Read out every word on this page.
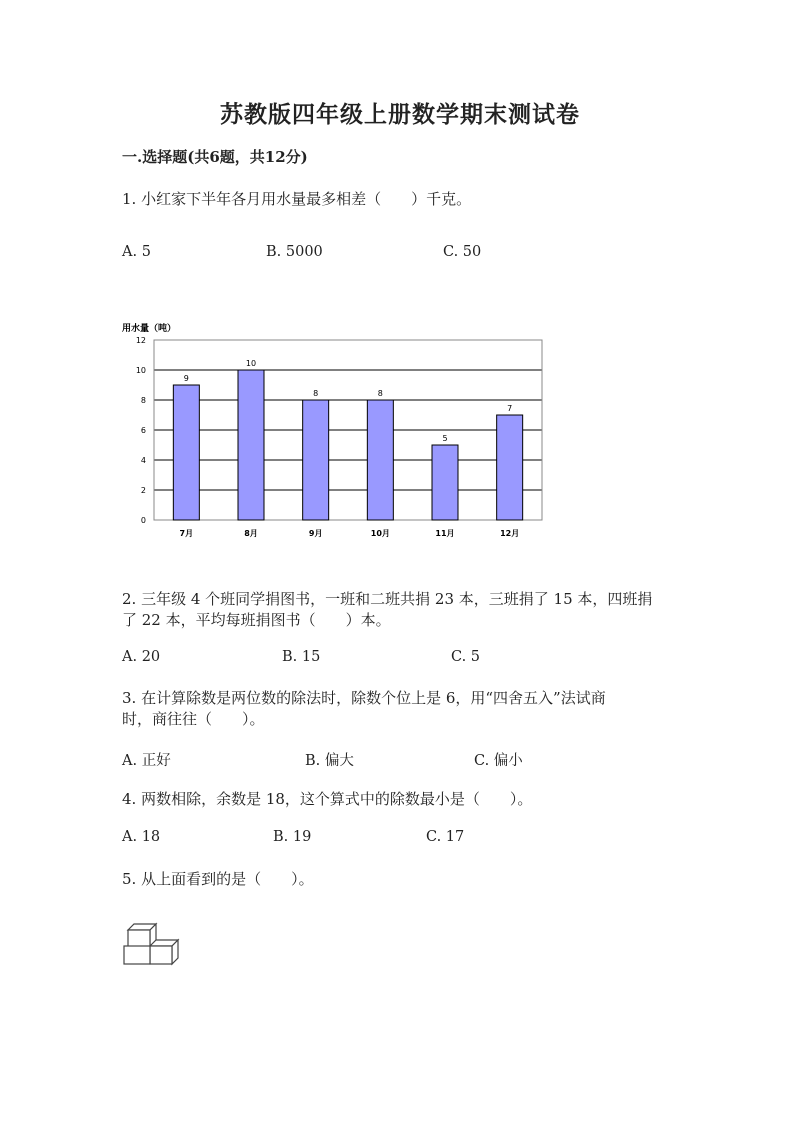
苏教版四年级上册数学期末测试卷
一.选择题(共6题，共12分)
1. 小红家下半年各月用水量最多相差（　　）千克。
A. 5	B. 5000	C. 50
用水量（吨）
0
2
4
6
8
10
12
9
7月
10
8月
8
9月
8
10月
5
11月
7
12月
2. 三年级 4 个班同学捐图书，一班和二班共捐 23 本，三班捐了 15 本，四班捐
了 22 本，平均每班捐图书（　　）本。
A. 20	B. 15	C. 5
3. 在计算除数是两位数的除法时，除数个位上是 6，用“四舍五入”法试商
时，商往往（　　）。
A. 正好	B. 偏大	C. 偏小
4. 两数相除，余数是 18，这个算式中的除数最小是（　　）。
A. 18	B. 19	C. 17
5. 从上面看到的是（　　）。
